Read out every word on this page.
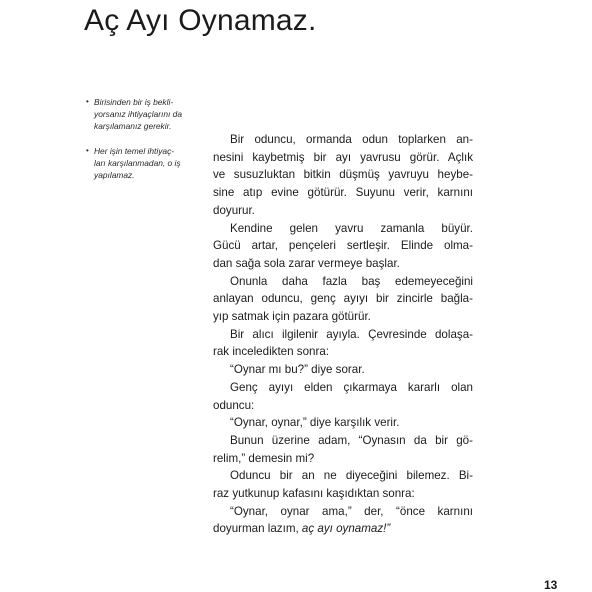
Aç Ayı Oynamaz.
• Birisinden bir iş bekli-
yorsanız ihtiyaçlarını da
karşılamanız gerekir.
• Her işin temel ihtiyaç-
ları karşılanmadan, o iş
yapılamaz.
Bir oduncu, ormanda odun toplarken an-
nesini kaybetmiş bir ayı yavrusu görür. Açlık
ve susuzluktan bitkin düşmüş yavruyu heybe-
sine atıp evine götürür. Suyunu verir, karnını
doyurur.
Kendine gelen yavru zamanla büyür.
Gücü artar, pençeleri sertleşir. Elinde olma-
dan sağa sola zarar vermeye başlar.
Onunla daha fazla baş edemeyeceğini
anlayan oduncu, genç ayıyı bir zincirle bağla-
yıp satmak için pazara götürür.
Bir alıcı ilgilenir ayıyla. Çevresinde dolaşa-
rak inceledikten sonra:
“Oynar mı bu?” diye sorar.
Genç ayıyı elden çıkarmaya kararlı olan
oduncu:
“Oynar, oynar,” diye karşılık verir.
Bunun üzerine adam, “Oynasın da bir gö-
relim,” demesin mi?
Oduncu bir an ne diyeceğini bilemez. Bi-
raz yutkunup kafasını kaşıdıktan sonra:
“Oynar, oynar ama,” der, “önce karnını
doyurman lazım, aç ayı oynamaz!”
13
